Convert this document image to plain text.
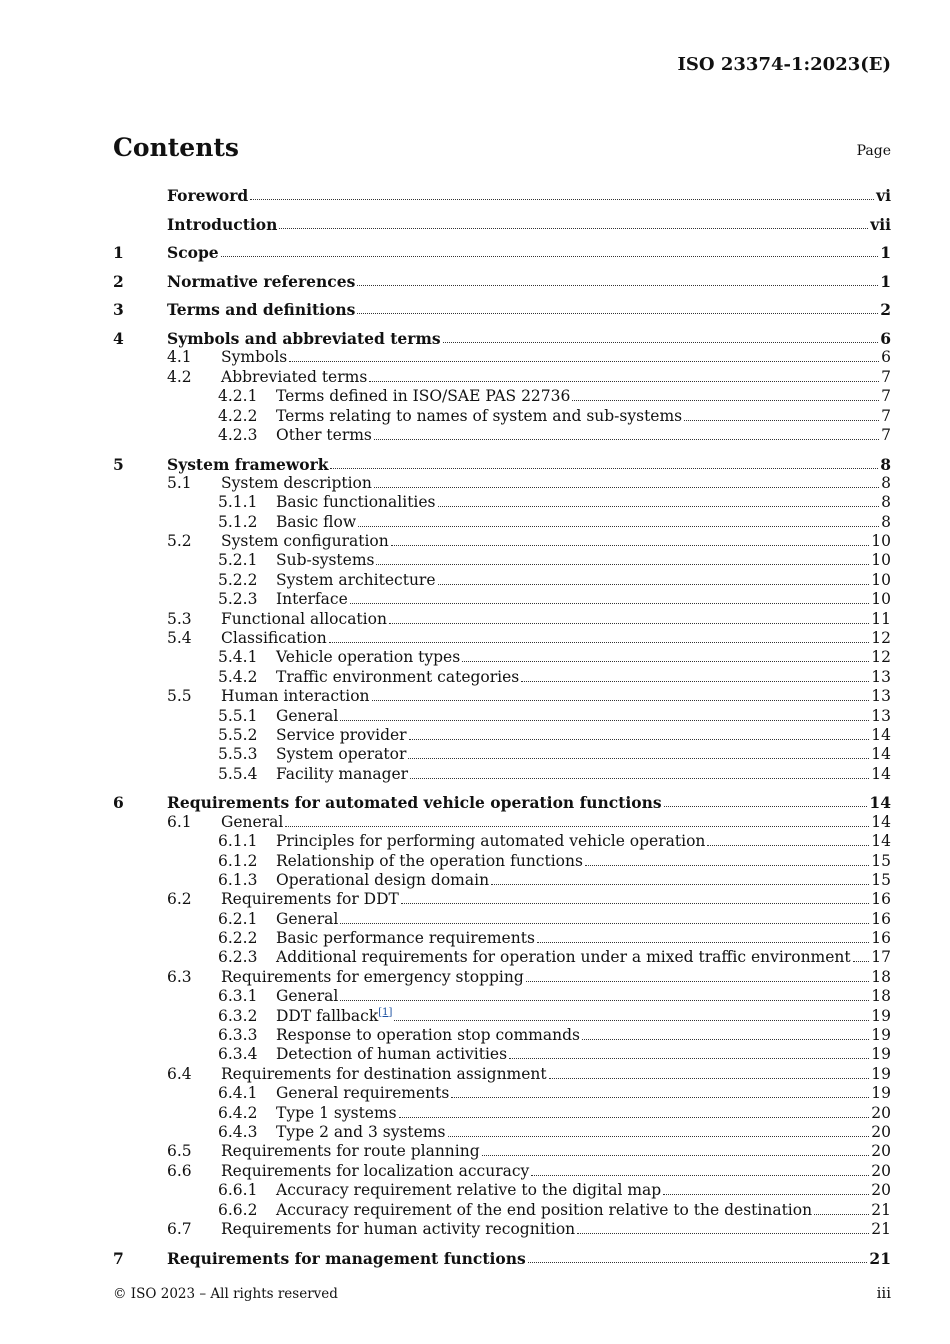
ISO 23374-1:2023(E)
Contents	Page
Foreword	vi
Introduction	vii
1	Scope	1
2	Normative references	1
3	Terms and definitions	2
4	Symbols and abbreviated terms	6
4.1	Symbols	6
4.2	Abbreviated terms	7
4.2.1	Terms defined in ISO/SAE PAS 22736	7
4.2.2	Terms relating to names of system and sub-systems	7
4.2.3	Other terms	7
5	System framework	8
5.1	System description	8
5.1.1	Basic functionalities	8
5.1.2	Basic flow	8
5.2	System configuration	10
5.2.1	Sub-systems	10
5.2.2	System architecture	10
5.2.3	Interface	10
5.3	Functional allocation	11
5.4	Classification	12
5.4.1	Vehicle operation types	12
5.4.2	Traffic environment categories	13
5.5	Human interaction	13
5.5.1	General	13
5.5.2	Service provider	14
5.5.3	System operator	14
5.5.4	Facility manager	14
6	Requirements for automated vehicle operation functions	14
6.1	General	14
6.1.1	Principles for performing automated vehicle operation	14
6.1.2	Relationship of the operation functions	15
6.1.3	Operational design domain	15
6.2	Requirements for DDT	16
6.2.1	General	16
6.2.2	Basic performance requirements	16
6.2.3	Additional requirements for operation under a mixed traffic environment 17
6.3	Requirements for emergency stopping	18
6.3.1	General	18
6.3.2	DDT fallback[1]	19
6.3.3	Response to operation stop commands	19
6.3.4	Detection of human activities	19
6.4	Requirements for destination assignment	19
6.4.1	General requirements	19
6.4.2	Type 1 systems	20
6.4.3	Type 2 and 3 systems	20
6.5	Requirements for route planning	20
6.6	Requirements for localization accuracy	20
6.6.1	Accuracy requirement relative to the digital map	20
6.6.2	Accuracy requirement of the end position relative to the destination	21
6.7	Requirements for human activity recognition	21
7	Requirements for management functions	21
© ISO 2023 – All rights reserved	iii
